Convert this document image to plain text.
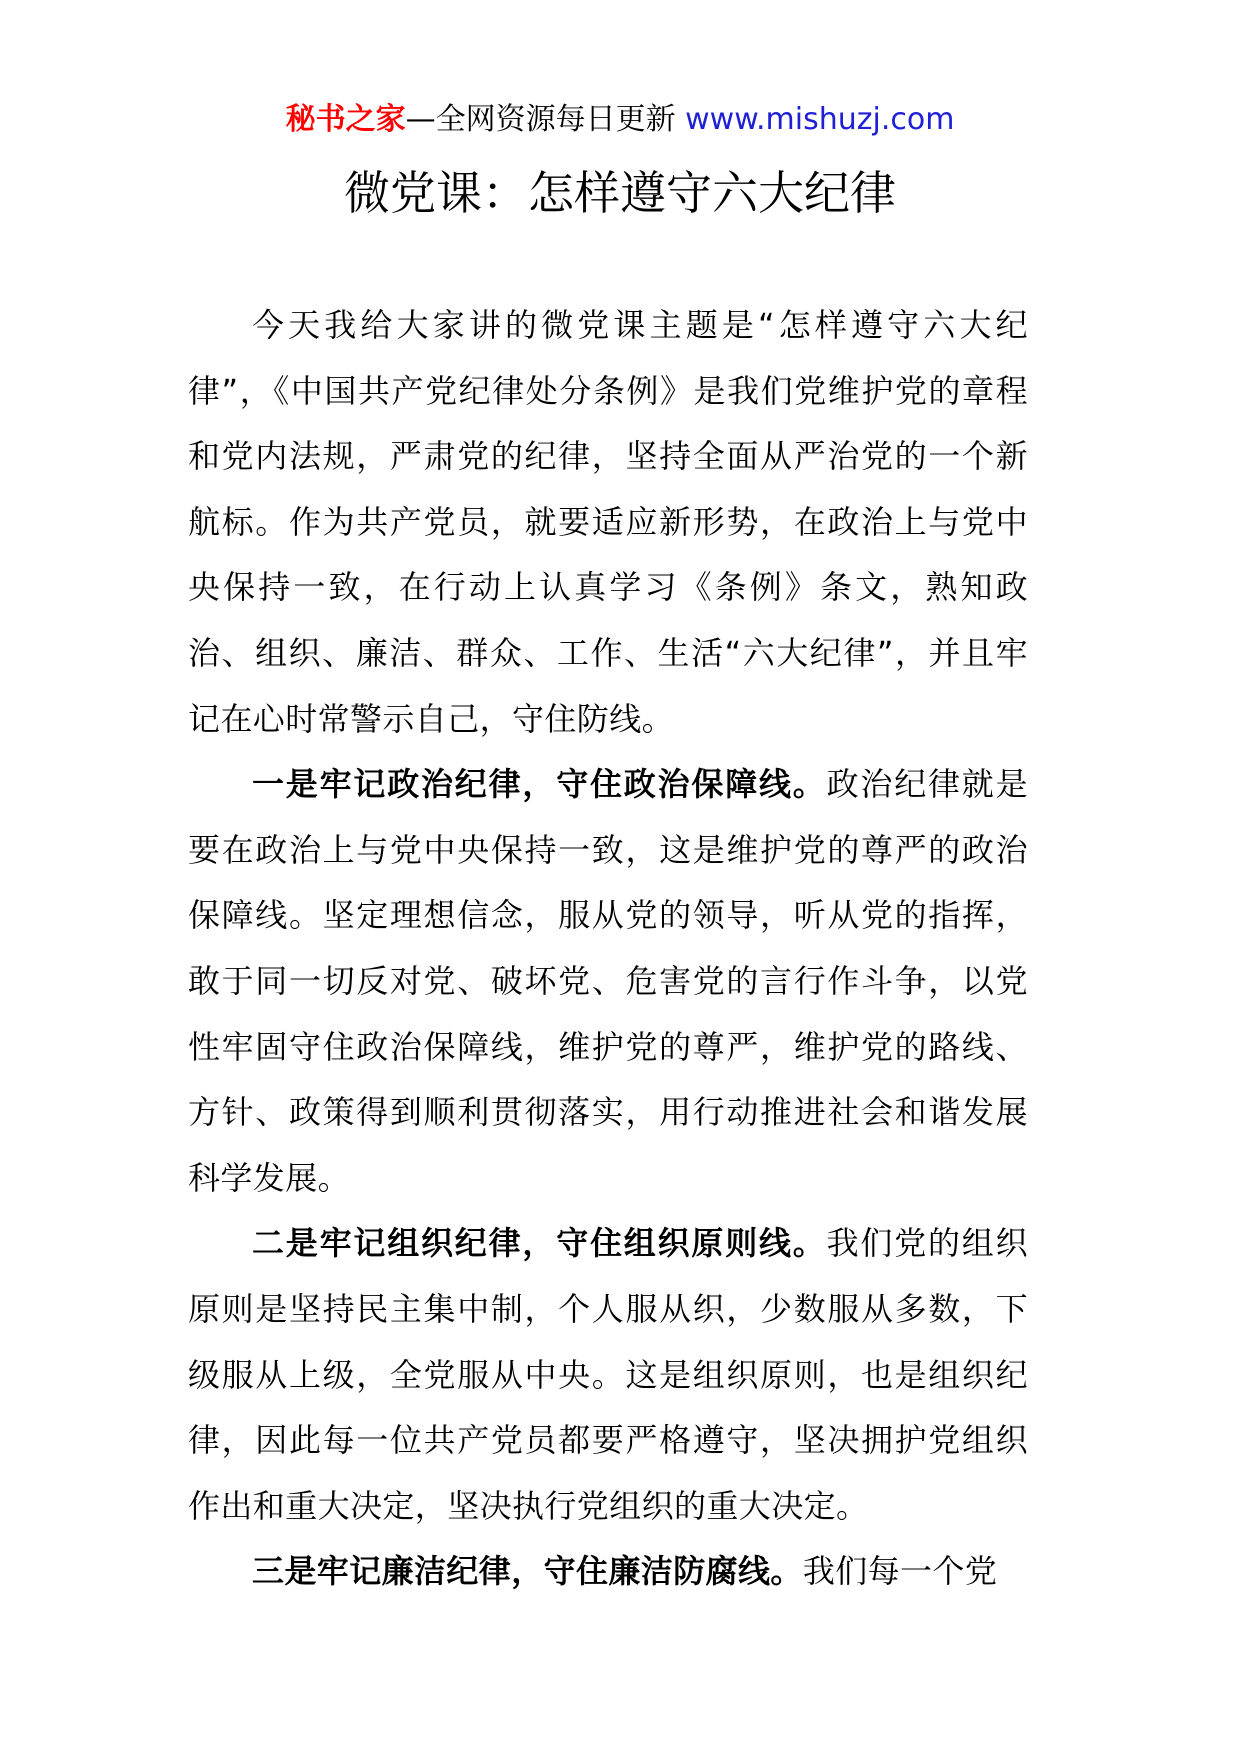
秘书之家—全网资源每日更新 www.mishuzj.com
微党课：怎样遵守六大纪律

今天我给大家讲的微党课主题是“怎样遵守六大纪律”，《中国共产党纪律处分条例》是我们党维护党的章程和党内法规，严肃党的纪律，坚持全面从严治党的一个新航标。作为共产党员，就要适应新形势，在政治上与党中央保持一致，在行动上认真学习《条例》条文，熟知政治、组织、廉洁、群众、工作、生活“六大纪律”，并且牢记在心时常警示自己，守住防线。

一是牢记政治纪律，守住政治保障线。政治纪律就是要在政治上与党中央保持一致，这是维护党的尊严的政治保障线。坚定理想信念，服从党的领导，听从党的指挥，敢于同一切反对党、破坏党、危害党的言行作斗争，以党性牢固守住政治保障线，维护党的尊严，维护党的路线、方针、政策得到顺利贯彻落实，用行动推进社会和谐发展科学发展。

二是牢记组织纪律，守住组织原则线。我们党的组织原则是坚持民主集中制，个人服从织，少数服从多数，下级服从上级，全党服从中央。这是组织原则，也是组织纪律，因此每一位共产党员都要严格遵守，坚决拥护党组织作出和重大决定，坚决执行党组织的重大决定。

三是牢记廉洁纪律，守住廉洁防腐线。我们每一个党
